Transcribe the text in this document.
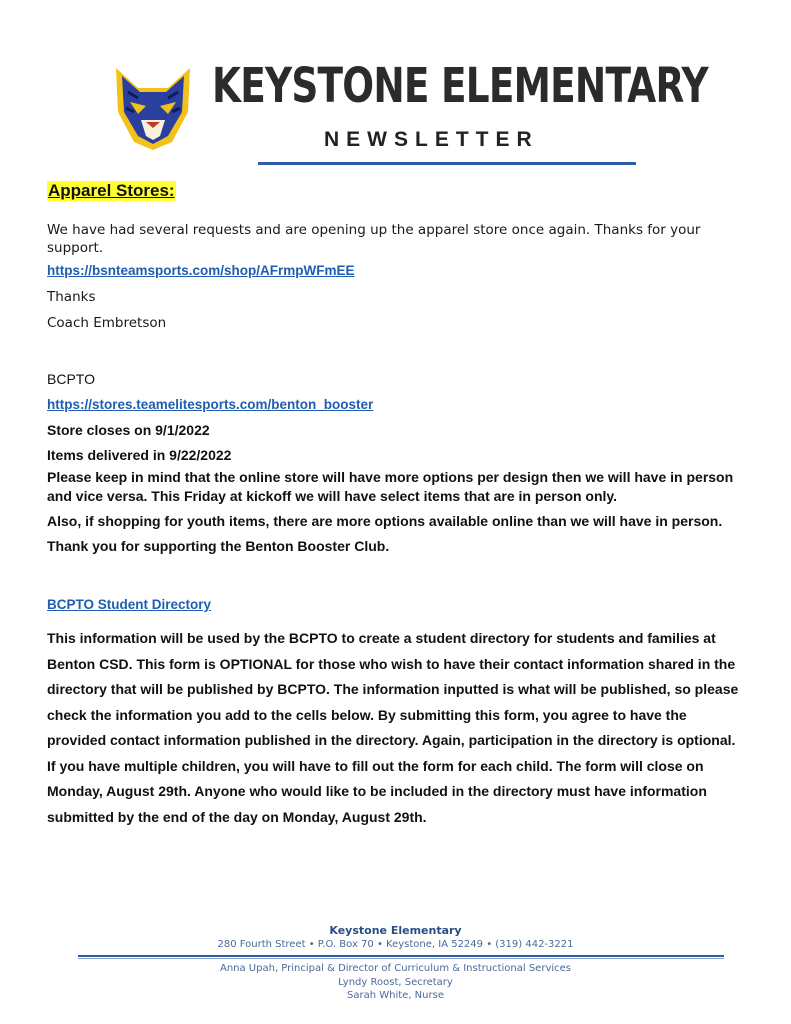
KEYSTONE ELEMENTARY
NEWSLETTER
Apparel Stores:
We have had several requests and are opening up the apparel store once again. Thanks for your support.
https://bsnteamsports.com/shop/AFrmpWFmEE
Thanks
Coach Embretson
BCPTO
https://stores.teamelitesports.com/benton_booster
Store closes on 9/1/2022
Items delivered in 9/22/2022
Please keep in mind that the online store will have more options per design then we will have in person and vice versa. This Friday at kickoff we will have select items that are in person only.
Also, if shopping for youth items, there are more options available online than we will have in person.
Thank you for supporting the Benton Booster Club.
BCPTO Student Directory
This information will be used by the BCPTO to create a student directory for students and families at Benton CSD. This form is OPTIONAL for those who wish to have their contact information shared in the directory that will be published by BCPTO. The information inputted is what will be published, so please check the information you add to the cells below. By submitting this form, you agree to have the provided contact information published in the directory. Again, participation in the directory is optional. If you have multiple children, you will have to fill out the form for each child. The form will close on Monday, August 29th. Anyone who would like to be included in the directory must have information submitted by the end of the day on Monday, August 29th.
Keystone Elementary
280 Fourth Street • P.O. Box 70 • Keystone, IA 52249 • (319) 442-3221
Anna Upah, Principal & Director of Curriculum & Instructional Services
Lyndy Roost, Secretary
Sarah White, Nurse
